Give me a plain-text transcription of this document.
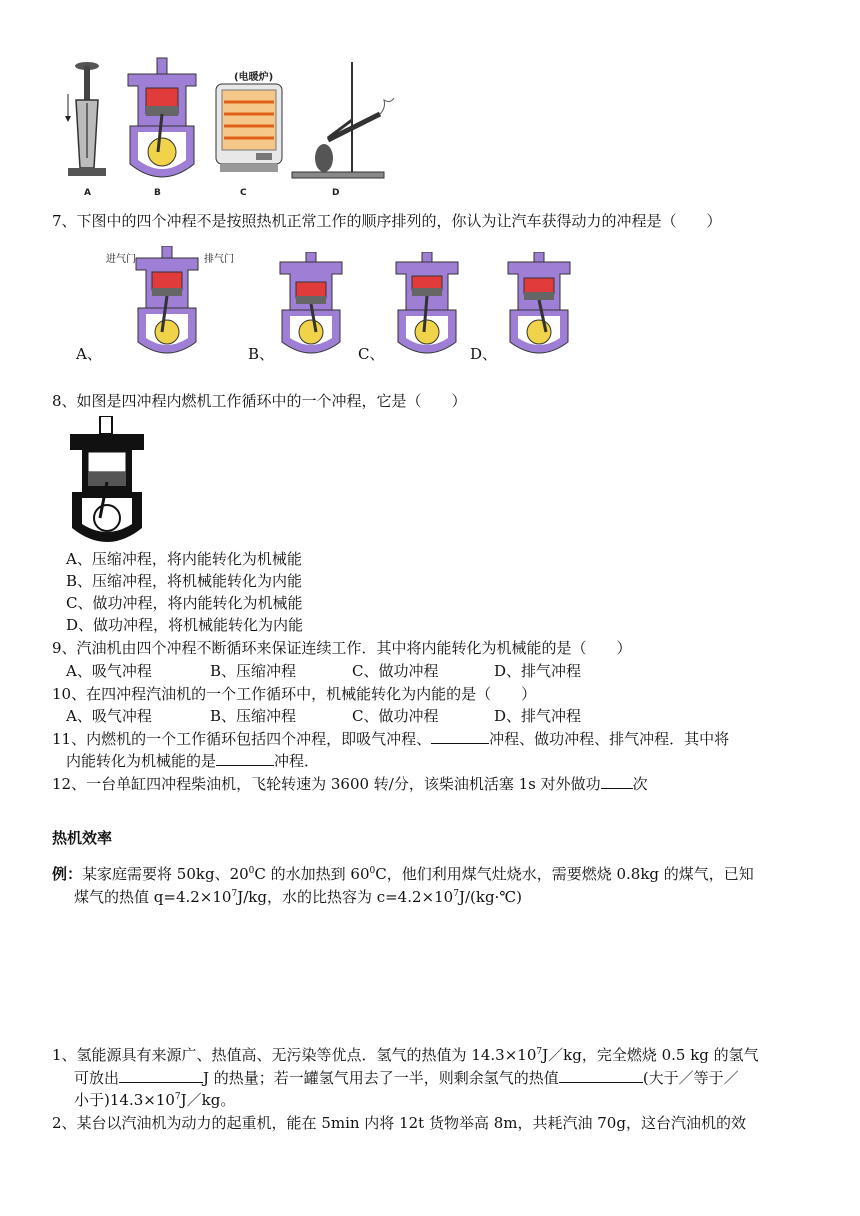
A	B
(电暖炉)
C	D
7、下图中的四个冲程不是按照热机正常工作的顺序排列的，你认为让汽车获得动力的冲程是（　　）
进气门	排气门
A、	B、	C、	D、
8、如图是四冲程内燃机工作循环中的一个冲程，它是（　　）
A、压缩冲程，将内能转化为机械能
B、压缩冲程，将机械能转化为内能
C、做功冲程，将内能转化为机械能
D、做功冲程，将机械能转化为内能
9、汽油机由四个冲程不断循环来保证连续工作．其中将内能转化为机械能的是（　　）
A、吸气冲程	B、压缩冲程	C、做功冲程	D、排气冲程
10、在四冲程汽油机的一个工作循环中，机械能转化为内能的是（　　）
A、吸气冲程	B、压缩冲程	C、做功冲程	D、排气冲程
11、内燃机的一个工作循环包括四个冲程，即吸气冲程、	冲程、做功冲程、排气冲程．其中将
内能转化为机械能的是	冲程．
12、一台单缸四冲程柴油机，飞轮转速为 3600 转/分，该柴油机活塞 1s 对外做功 次
热机效率
例：某家庭需要将 50kg、$20^0C$ 的水加热到 $60^0C$，他们利用煤气灶烧水，需要燃烧 0.8kg 的煤气，已知
煤气的热值 $q=4.2\times 10^7J/kg$，水的比热容为 $c=4.2\times 10^7J/(kg\cdot℃)$
1、氢能源具有来源广、热值高、无污染等优点．氢气的热值为 $14.3\times 10^7J/kg$，完全燃烧 0.5 kg 的氢气
可放出	J 的热量；若一罐氢气用去了一半，则剩余氢气的热值	(大于／等于／
小于)$14.3\times 10^7J/kg$。
2、某台以汽油机为动力的起重机，能在 5min 内将 12t 货物举高 8m，共耗汽油 70g，这台汽油机的效
